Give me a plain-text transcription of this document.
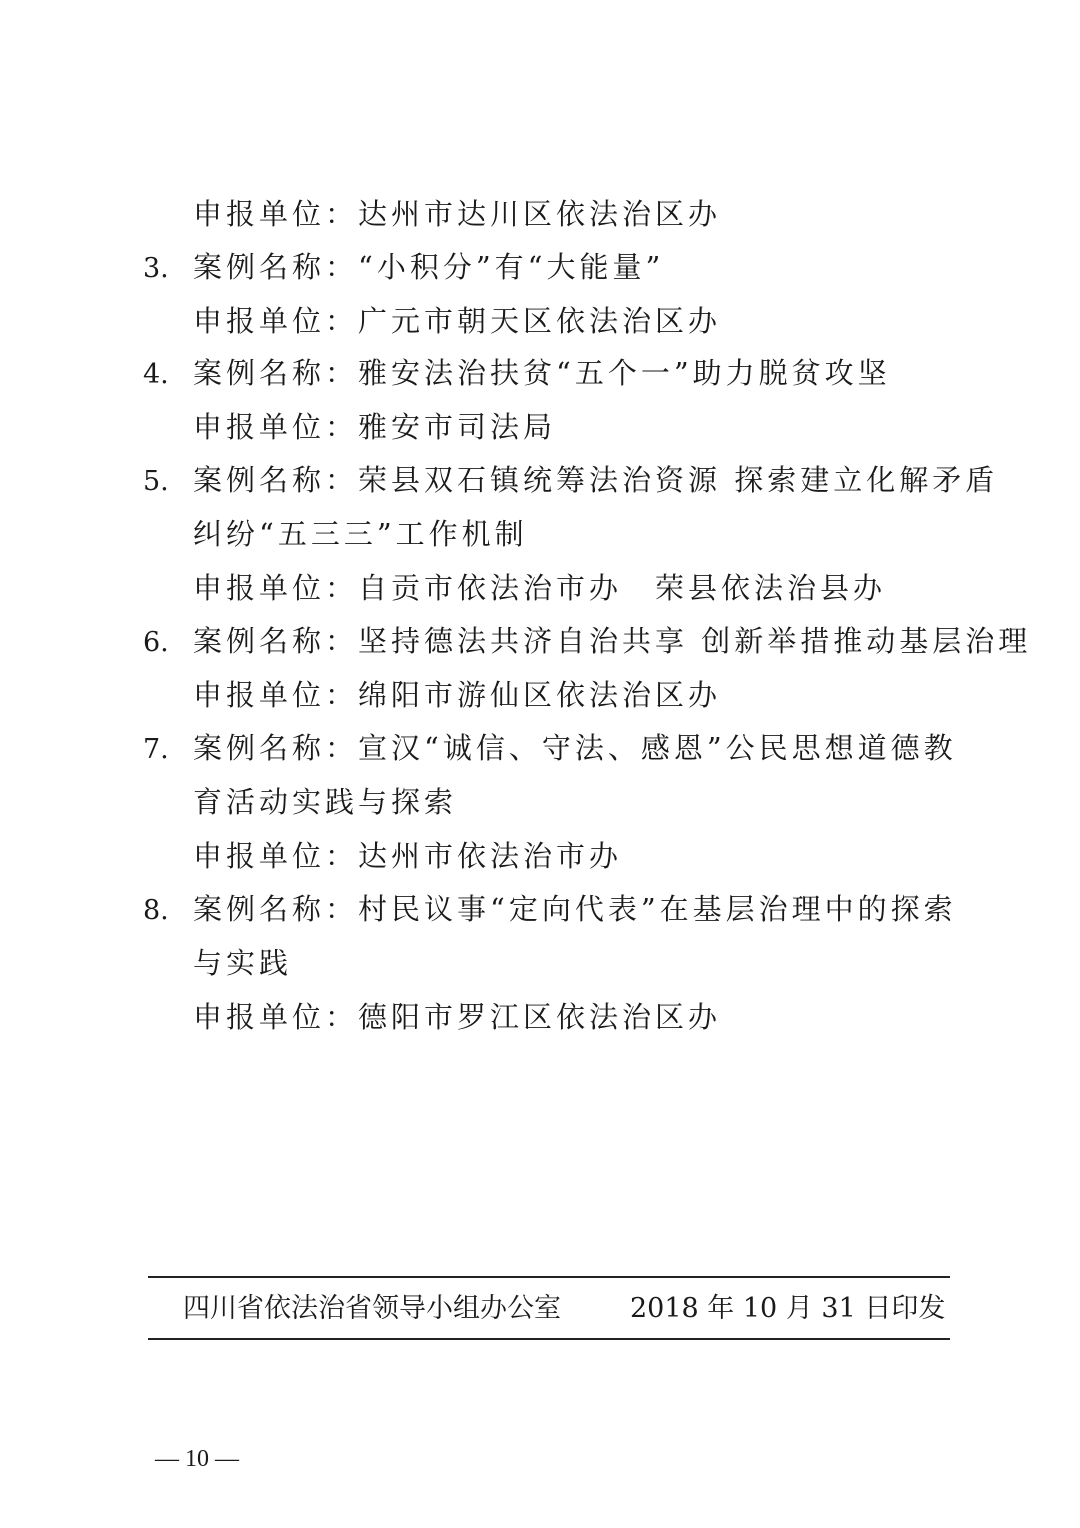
申报单位：达州市达川区依法治区办
3. 案例名称：“小积分”有“大能量”
申报单位：广元市朝天区依法治区办
4. 案例名称：雅安法治扶贫“五个一”助力脱贫攻坚
申报单位：雅安市司法局
5. 案例名称：荣县双石镇统筹法治资源 探索建立化解矛盾
纠纷“五三三”工作机制
申报单位：自贡市依法治市办　荣县依法治县办
6. 案例名称：坚持德法共济自治共享 创新举措推动基层治理
申报单位：绵阳市游仙区依法治区办
7. 案例名称：宣汉“诚信、守法、感恩”公民思想道德教
育活动实践与探索
申报单位：达州市依法治市办
8. 案例名称：村民议事“定向代表”在基层治理中的探索
与实践
申报单位：德阳市罗江区依法治区办
四川省依法治省领导小组办公室	2018 年 10 月 31 日印发
— 10 —
